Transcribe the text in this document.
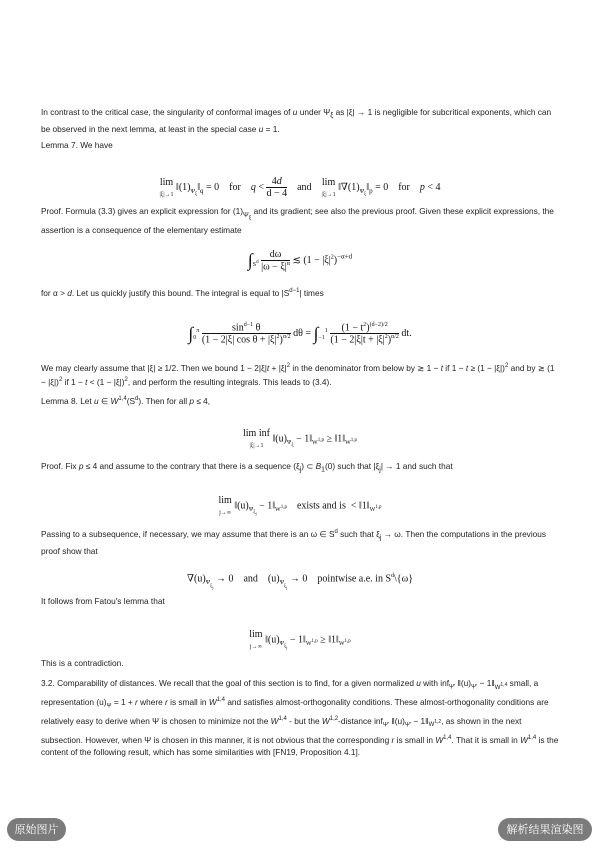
In contrast to the critical case, the singularity of conformal images of u under $\Psi_\xi$ as |ξ| → 1 is negligible for subcritical exponents, which can be observed in the next lemma, at least in the special case u = 1.
Lemma 7. We have
lim
|ξ|→1 $‖(1)_{\Psi_\xi}‖_q = 0$    for    $q < \frac{4d}{d - 4}$ and    lim
|ξ|→1 $‖\nabla(1)_{\Psi_\xi}‖_p = 0$    for    p < 4
Proof. Formula (3.3) gives an explicit expression for $(1)_{\Psi_\xi}$ and its gradient; see also the previous proof. Given these explicit expressions, the assertion is a consequence of the elementary estimate
$\int_{S^d} \frac{d\omega}{|\omega - \xi|^\alpha}$ ≲ $(1 - |\xi|^2)^{-\alpha+d}$
for α > d. Let us quickly justify this bound. The integral is equal to $|S^{d-1}|$ times
$\int_0^\pi \frac{\sin^{d-1} \theta}{(1 - 2|\xi| \cos \theta + |\xi|^2)^{\alpha/2}}$ $d\theta = \int_{-1}^1 \frac{(1 - t^2)^{(d-2)/2}}{(1 - 2|\xi|t + |\xi|^2)^{\alpha/2}}$ dt.
We may clearly assume that |ξ| ≥ 1/2. Then we bound $1 - 2|\xi|t + |\xi|^2$ in the denominator from below by ≳ 1 − t if $1 - t \ge (1 - |\xi|)^2$ and by ≳ $(1 - |\xi|)^2$ if $1 - t < (1 - |\xi|)^2$, and perform the resulting integrals. This leads to (3.4).
Lemma 8. Let u ∈ $W^{1,4}(S^d)$. Then for all p ≤ 4,
lim inf
|ξ|→1 $‖(u)_{\Psi_\xi}$ − $1‖_{W^{1,p}}$ ≥ $‖1‖_{W^{1,p}}$
Proof. Fix p ≤ 4 and assume to the contrary that there is a sequence $(\xi_j)$ ⊂ $B_1(0)$ such that $|\xi_j| \to 1$ and such that
lim
j→∞ $‖(u)_{\Psi_{\xi_j}}$ − $1‖_{W^{1,p}}$    exists and is  < $‖1‖_{W^{1,p}}$
Passing to a subsequence, if necessary, we may assume that there is an ω ∈ $S^d$ such that $\xi_j \to \omega$. Then the computations in the previous proof show that
$\nabla(u)_{\Psi_{\xi_j}} \to 0$    and    $(u)_{\Psi_{\xi_j}} \to 0$    pointwise a.e. in $S^d\backslash\{\omega\}$
It follows from Fatou's lemma that
lim
j→∞ $‖(u)_{\Psi_{\xi_j}}$ − $1‖_{W^{1,p}}$ ≥ $‖1‖_{W^{1,p}}$
This is a contradiction.
3.2. Comparability of distances. We recall that the goal of this section is to find, for a given normalized u with inf$_{\Psi'}$ $‖(u)_{\Psi'}$ − $1‖_{W^{1,4}}$ small, a representation $(u)_\Psi = 1 + r$ where r is small in W$^{1,4}$ and satisfies almost-orthogonality conditions. These almost-orthogonality conditions are relatively easy to derive when Ψ is chosen to minimize not the W$^{1,4}$ - but the W$^{1,2}$-distance inf$_{\Psi'}$ $‖(u)_{\Psi'}$ − $1‖_{W^{1,2}}$, as shown in the next subsection. However, when Ψ is chosen in this manner, it is not obvious that the corresponding r is small in W$^{1,4}$. That it is small in W$^{1,4}$ is the content of the following result, which has some similarities with [FN19, Proposition 4.1].
原始图片	解析结果渲染图
